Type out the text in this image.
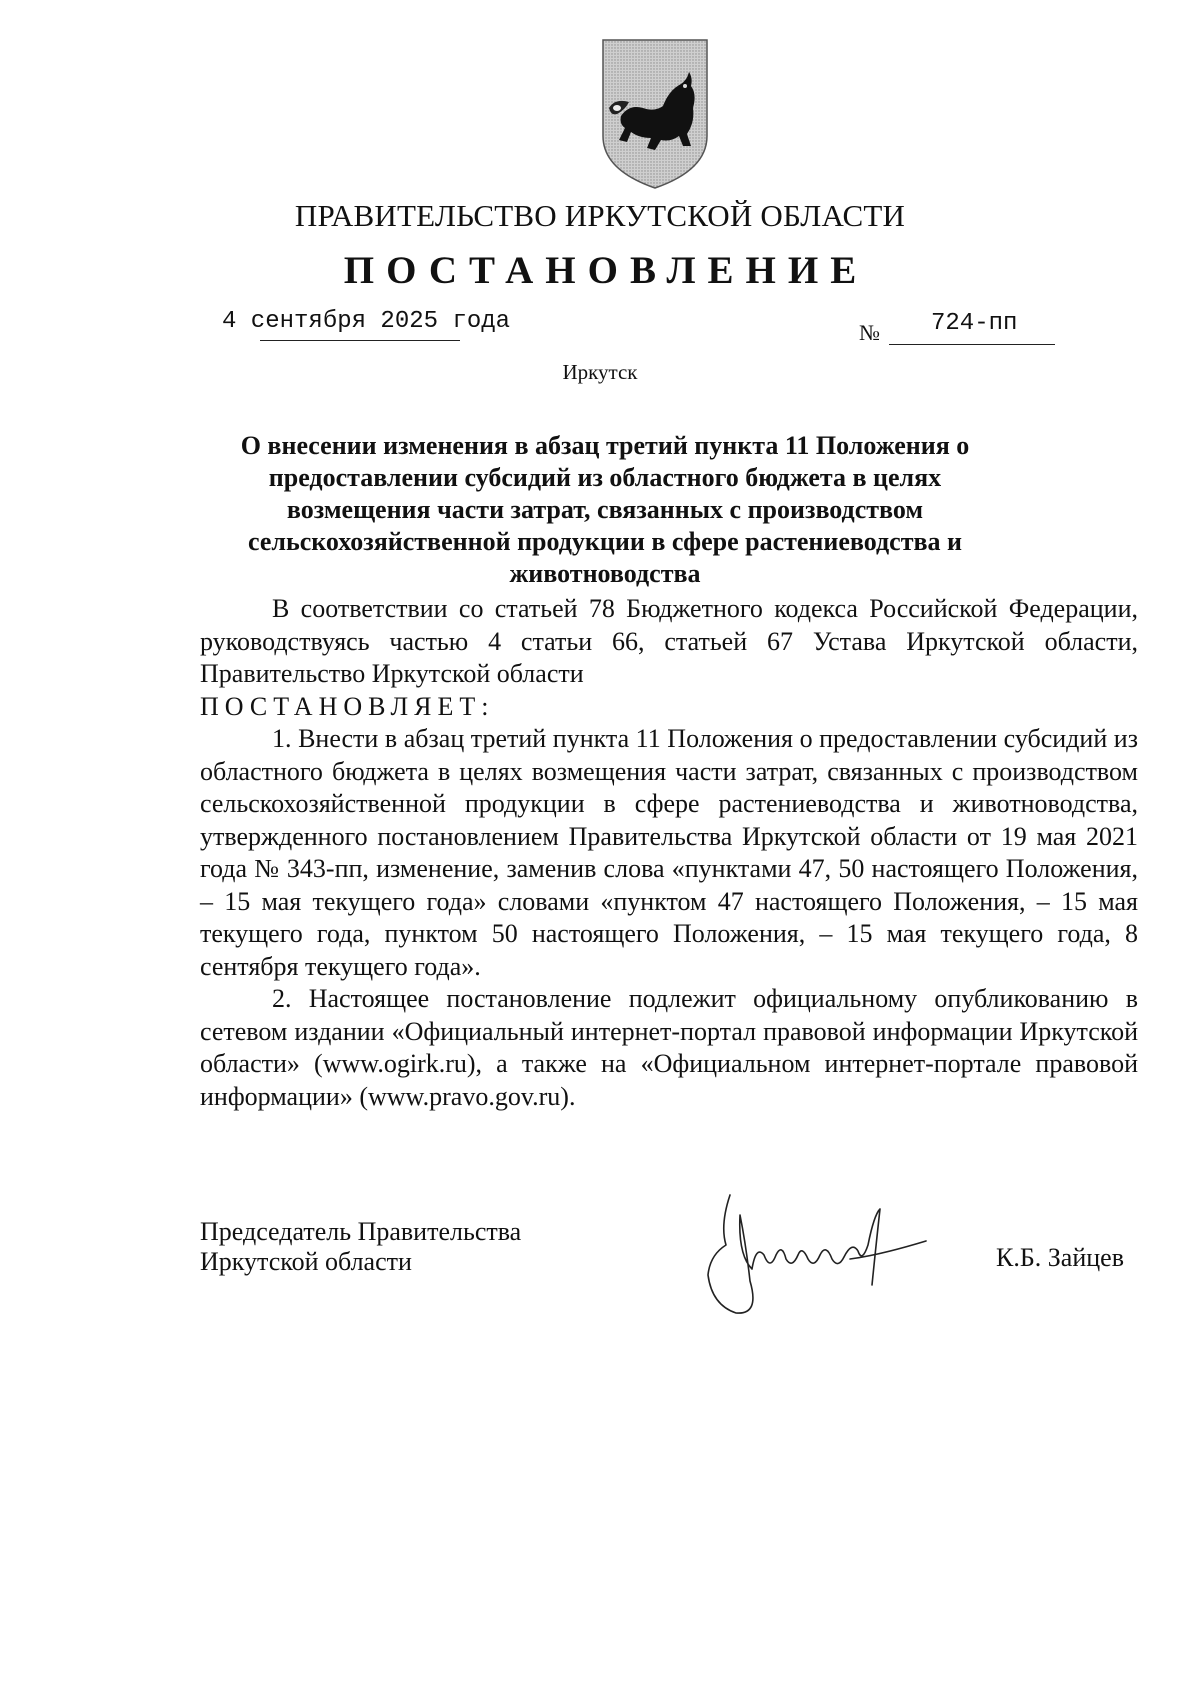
ПРАВИТЕЛЬСТВО ИРКУТСКОЙ ОБЛАСТИ
ПОСТАНОВЛЕНИЕ
4 сентября 2025 года	№ 724-пп
Иркутск
О внесении изменения в абзац третий пункта 11 Положения о предоставлении субсидий из областного бюджета в целях возмещения части затрат, связанных с производством сельскохозяйственной продукции в сфере растениеводства и животноводства

В соответствии со статьей 78 Бюджетного кодекса Российской Федерации, руководствуясь частью 4 статьи 66, статьей 67 Устава Иркутской области, Правительство Иркутской области

ПОСТАНОВЛЯЕТ:

1. Внести в абзац третий пункта 11 Положения о предоставлении субсидий из областного бюджета в целях возмещения части затрат, связанных с производством сельскохозяйственной продукции в сфере растениеводства и животноводства, утвержденного постановлением Правительства Иркутской области от 19 мая 2021 года № 343-пп, изменение, заменив слова «пунктами 47, 50 настоящего Положения, – 15 мая текущего года» словами «пунктом 47 настоящего Положения, – 15 мая текущего года, пунктом 50 настоящего Положения, – 15 мая текущего года, 8 сентября текущего года».

2. Настоящее постановление подлежит официальному опубликованию в сетевом издании «Официальный интернет-портал правовой информации Иркутской области» (www.ogirk.ru), а также на «Официальном интернет-портале правовой информации» (www.pravo.gov.ru).

Председатель Правительства
Иркутской области	К.Б. Зайцев
